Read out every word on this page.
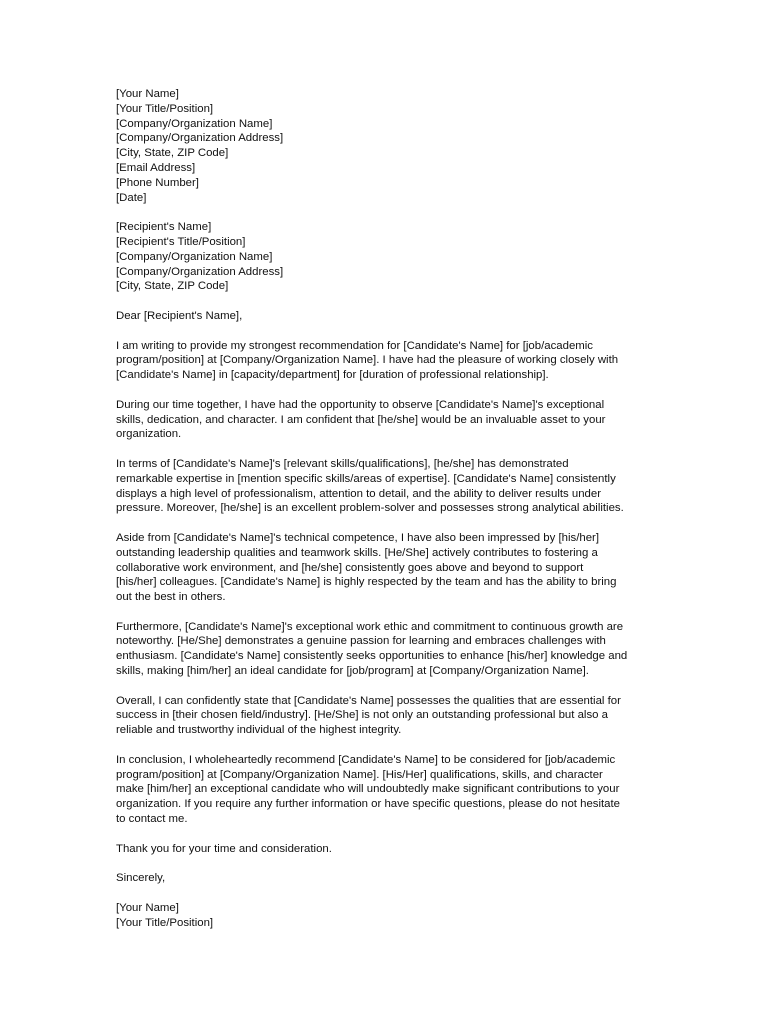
[Your Name]
[Your Title/Position]
[Company/Organization Name]
[Company/Organization Address]
[City, State, ZIP Code]
[Email Address]
[Phone Number]
[Date]
[Recipient's Name]
[Recipient's Title/Position]
[Company/Organization Name]
[Company/Organization Address]
[City, State, ZIP Code]
Dear [Recipient's Name],
I am writing to provide my strongest recommendation for [Candidate's Name] for [job/academic
program/position] at [Company/Organization Name]. I have had the pleasure of working closely with
[Candidate's Name] in [capacity/department] for [duration of professional relationship].
During our time together, I have had the opportunity to observe [Candidate's Name]'s exceptional
skills, dedication, and character. I am confident that [he/she] would be an invaluable asset to your
organization.
In terms of [Candidate's Name]'s [relevant skills/qualifications], [he/she] has demonstrated
remarkable expertise in [mention specific skills/areas of expertise]. [Candidate's Name] consistently
displays a high level of professionalism, attention to detail, and the ability to deliver results under
pressure. Moreover, [he/she] is an excellent problem-solver and possesses strong analytical abilities.
Aside from [Candidate's Name]'s technical competence, I have also been impressed by [his/her]
outstanding leadership qualities and teamwork skills. [He/She] actively contributes to fostering a
collaborative work environment, and [he/she] consistently goes above and beyond to support
[his/her] colleagues. [Candidate's Name] is highly respected by the team and has the ability to bring
out the best in others.
Furthermore, [Candidate's Name]'s exceptional work ethic and commitment to continuous growth are
noteworthy. [He/She] demonstrates a genuine passion for learning and embraces challenges with
enthusiasm. [Candidate's Name] consistently seeks opportunities to enhance [his/her] knowledge and
skills, making [him/her] an ideal candidate for [job/program] at [Company/Organization Name].
Overall, I can confidently state that [Candidate's Name] possesses the qualities that are essential for
success in [their chosen field/industry]. [He/She] is not only an outstanding professional but also a
reliable and trustworthy individual of the highest integrity.
In conclusion, I wholeheartedly recommend [Candidate's Name] to be considered for [job/academic
program/position] at [Company/Organization Name]. [His/Her] qualifications, skills, and character
make [him/her] an exceptional candidate who will undoubtedly make significant contributions to your
organization. If you require any further information or have specific questions, please do not hesitate
to contact me.
Thank you for your time and consideration.
Sincerely,
[Your Name]
[Your Title/Position]
